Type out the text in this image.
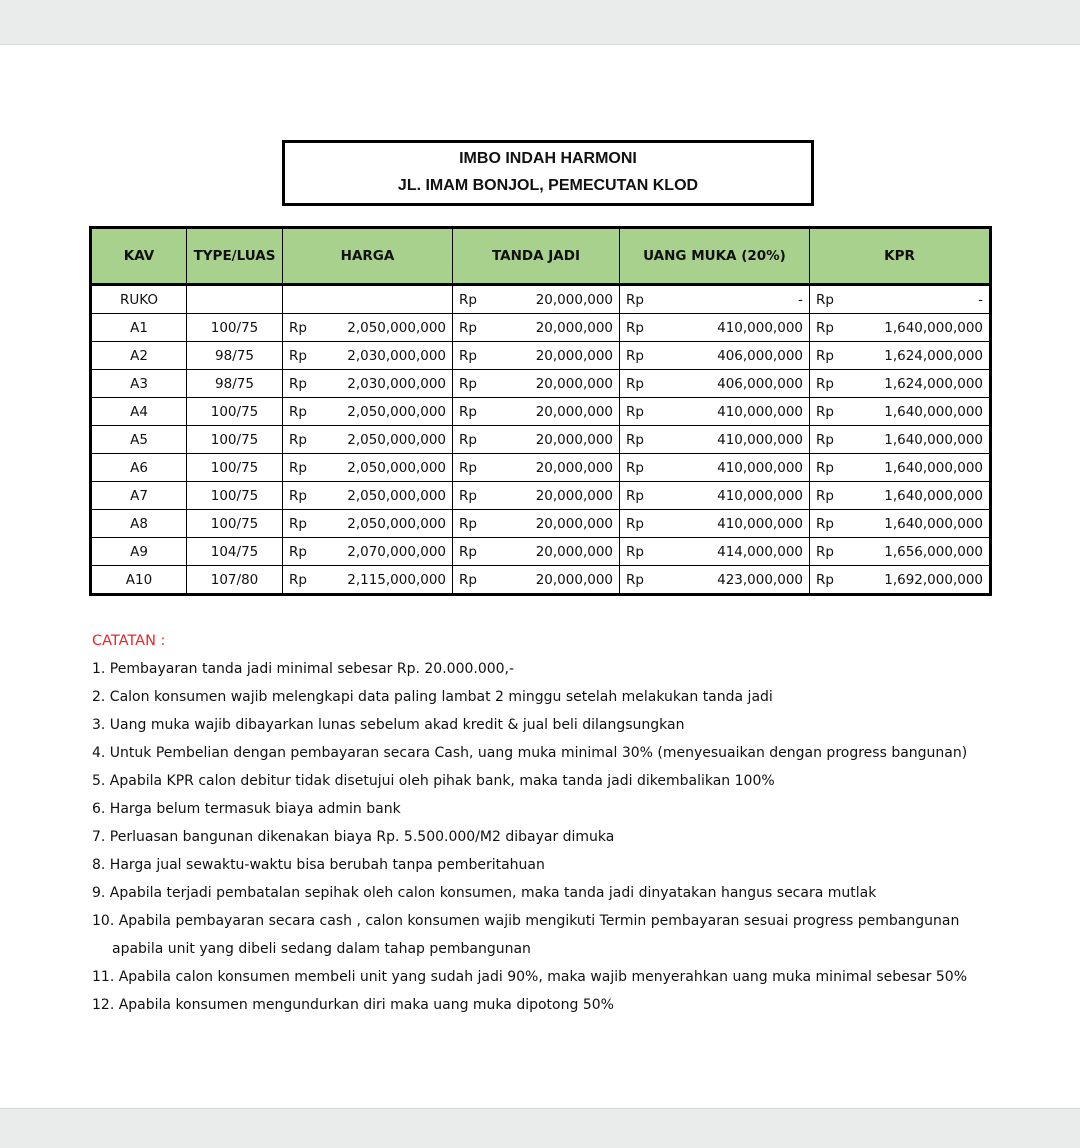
IMBO INDAH HARMONI
JL. IMAM BONJOL, PEMECUTAN KLOD
KAV	TYPE/LUAS	HARGA	TANDA JADI	UANG MUKA (20%)	KPR
RUKO			Rp 20,000,000	Rp -	Rp -

A1	100/75	Rp 2,050,000,000	Rp 20,000,000	Rp 410,000,000	Rp 1,640,000,000

A2	98/75	Rp 2,030,000,000	Rp 20,000,000	Rp 406,000,000	Rp 1,624,000,000

A3	98/75	Rp 2,030,000,000	Rp 20,000,000	Rp 406,000,000	Rp 1,624,000,000

A4	100/75	Rp 2,050,000,000	Rp 20,000,000	Rp 410,000,000	Rp 1,640,000,000

A5	100/75	Rp 2,050,000,000	Rp 20,000,000	Rp 410,000,000	Rp 1,640,000,000

A6	100/75	Rp 2,050,000,000	Rp 20,000,000	Rp 410,000,000	Rp 1,640,000,000

A7	100/75	Rp 2,050,000,000	Rp 20,000,000	Rp 410,000,000	Rp 1,640,000,000

A8	100/75	Rp 2,050,000,000	Rp 20,000,000	Rp 410,000,000	Rp 1,640,000,000

A9	104/75	Rp 2,070,000,000	Rp 20,000,000	Rp 414,000,000	Rp 1,656,000,000

A10	107/80	Rp 2,115,000,000	Rp 20,000,000	Rp 423,000,000	Rp 1,692,000,000
CATATAN :
1. Pembayaran tanda jadi minimal sebesar Rp. 20.000.000,-
2. Calon konsumen wajib melengkapi data paling lambat 2 minggu setelah melakukan tanda jadi
3. Uang muka wajib dibayarkan lunas sebelum akad kredit & jual beli dilangsungkan
4. Untuk Pembelian dengan pembayaran secara Cash, uang muka minimal 30% (menyesuaikan dengan progress bangunan)
5. Apabila KPR calon debitur tidak disetujui oleh pihak bank, maka tanda jadi dikembalikan 100%
6. Harga belum termasuk biaya admin bank
7. Perluasan bangunan dikenakan biaya Rp. 5.500.000/M2 dibayar dimuka
8. Harga jual sewaktu-waktu bisa berubah tanpa pemberitahuan
9. Apabila terjadi pembatalan sepihak oleh calon konsumen, maka tanda jadi dinyatakan hangus secara mutlak
10. Apabila pembayaran secara cash , calon konsumen wajib mengikuti Termin pembayaran sesuai progress pembangunan
apabila unit yang dibeli sedang dalam tahap pembangunan
11. Apabila calon konsumen membeli unit yang sudah jadi 90%, maka wajib menyerahkan uang muka minimal sebesar 50%
12. Apabila konsumen mengundurkan diri maka uang muka dipotong 50%
